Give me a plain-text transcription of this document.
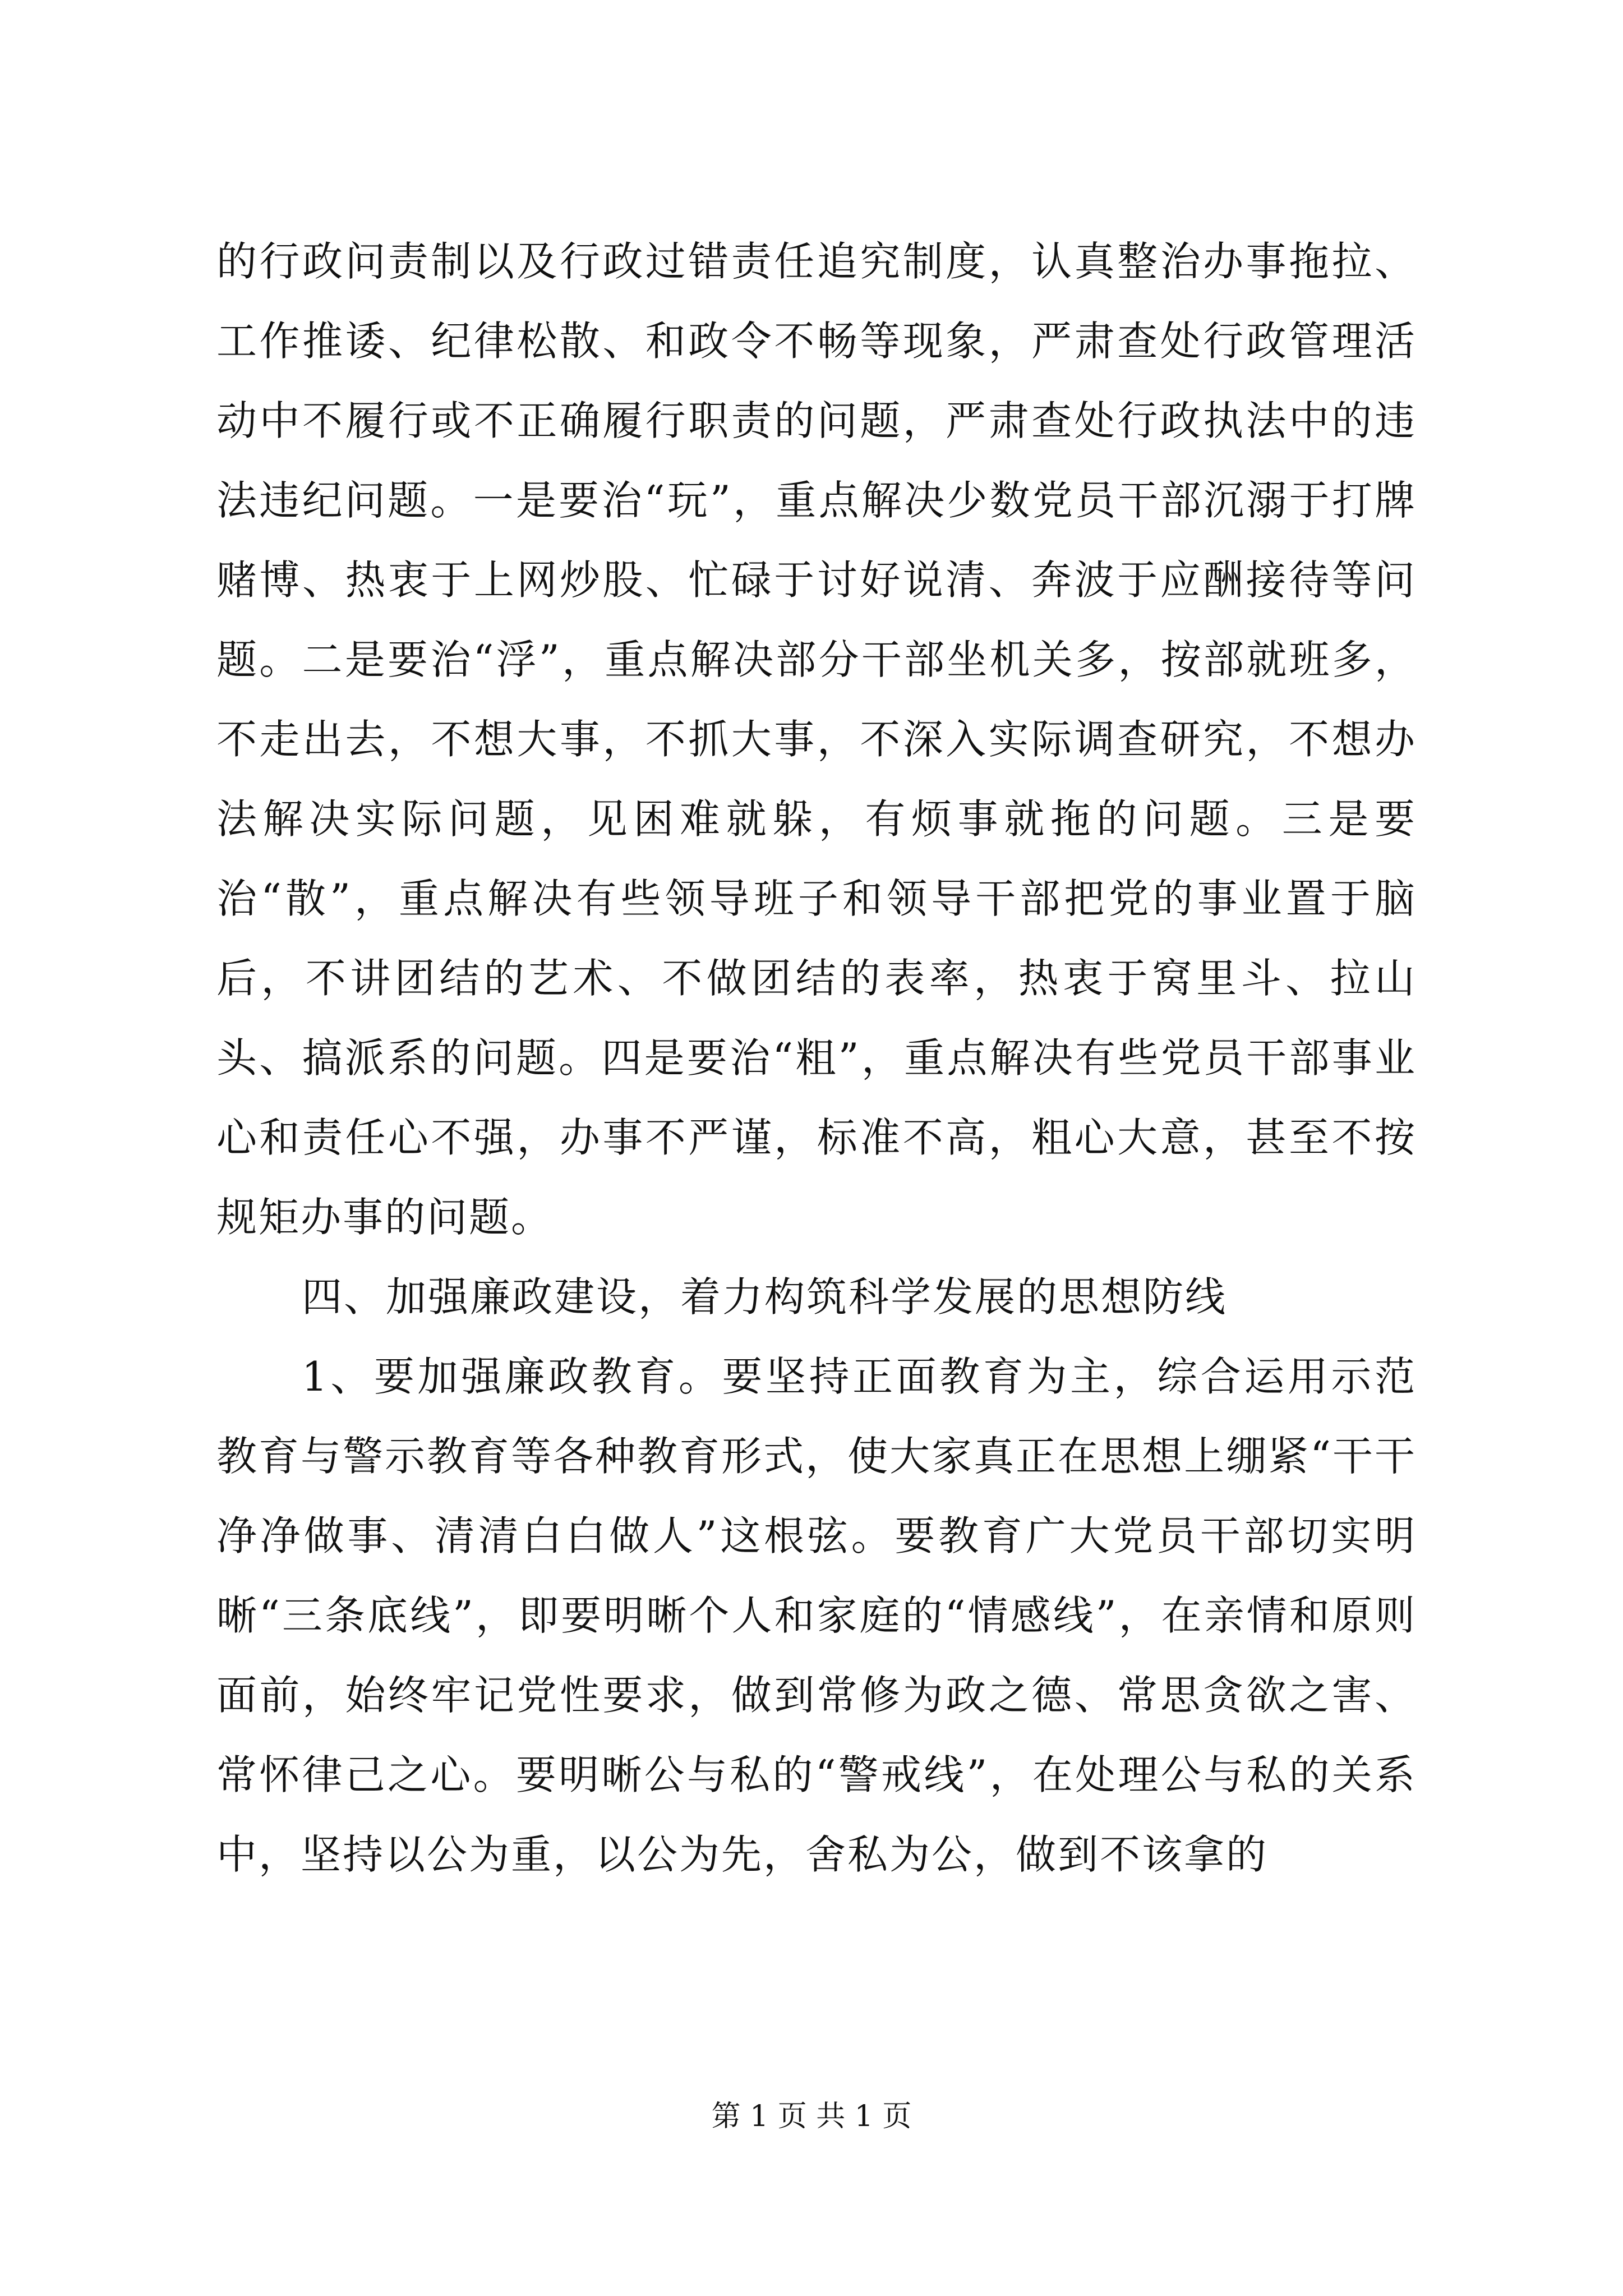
的行政问责制以及行政过错责任追究制度，认真整治办事拖拉、工作推诿、纪律松散、和政令不畅等现象，严肃查处行政管理活动中不履行或不正确履行职责的问题，严肃查处行政执法中的违法违纪问题。一是要治“玩”，重点解决少数党员干部沉溺于打牌赌博、热衷于上网炒股、忙碌于讨好说清、奔波于应酬接待等问题。二是要治“浮”，重点解决部分干部坐机关多，按部就班多，不走出去，不想大事，不抓大事，不深入实际调查研究，不想办法解决实际问题，见困难就躲，有烦事就拖的问题。三是要治“散”，重点解决有些领导班子和领导干部把党的事业置于脑后，不讲团结的艺术、不做团结的表率，热衷于窝里斗、拉山头、搞派系的问题。四是要治“粗”，重点解决有些党员干部事业心和责任心不强，办事不严谨，标准不高，粗心大意，甚至不按规矩办事的问题。

四、加强廉政建设，着力构筑科学发展的思想防线

1、要加强廉政教育。要坚持正面教育为主，综合运用示范教育与警示教育等各种教育形式，使大家真正在思想上绷紧“干干净净做事、清清白白做人”这根弦。要教育广大党员干部切实明晰“三条底线”，即要明晰个人和家庭的“情感线”，在亲情和原则面前，始终牢记党性要求，做到常修为政之德、常思贪欲之害、常怀律己之心。要明晰公与私的“警戒线”，在处理公与私的关系中，坚持以公为重，以公为先，舍私为公，做到不该拿的

第 1 页 共 1 页
